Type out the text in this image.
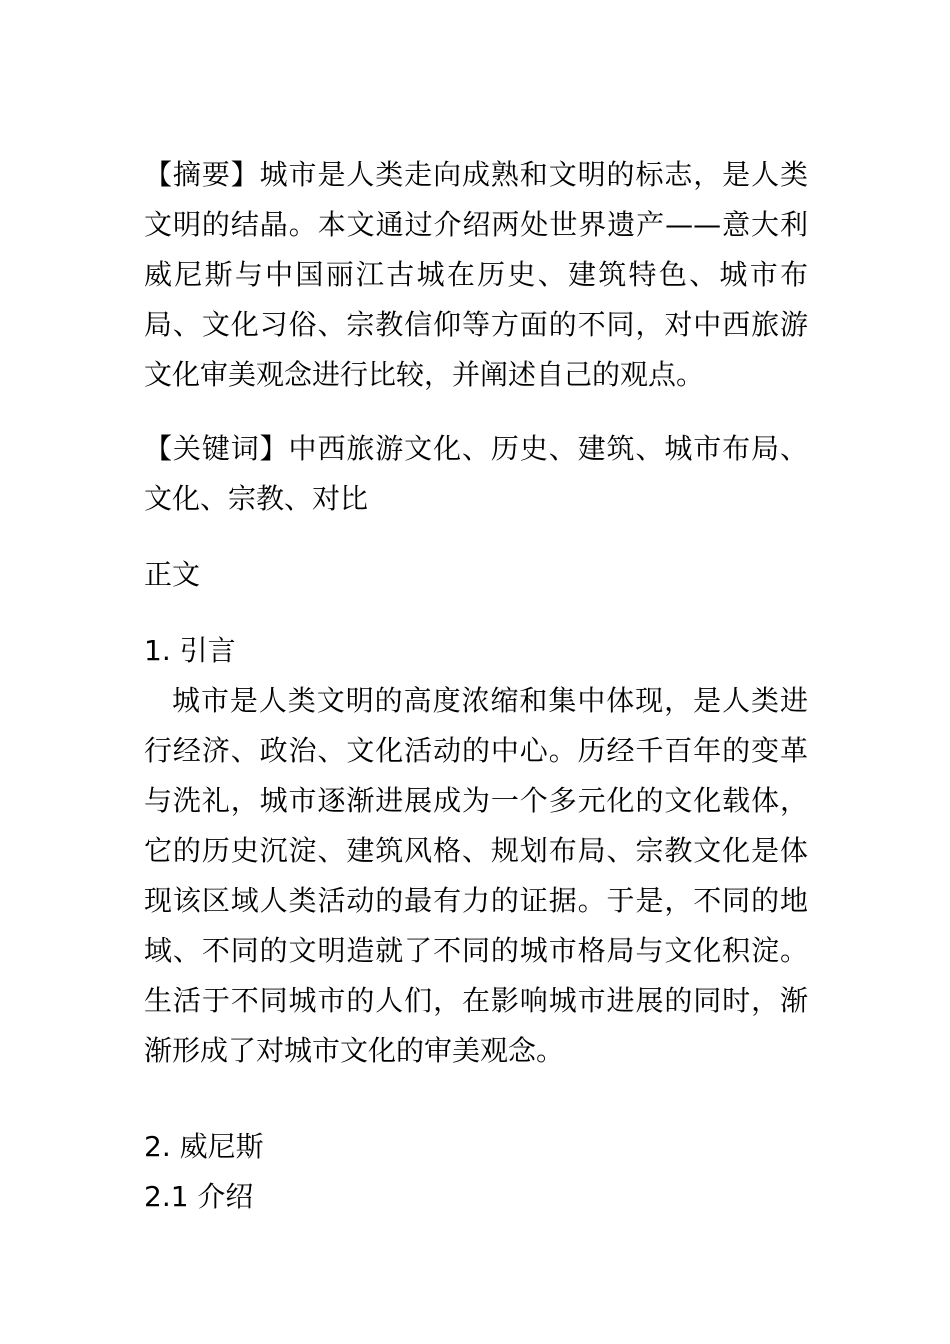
【摘要】城市是人类走向成熟和文明的标志，是人类文明的结晶。本文通过介绍两处世界遗产——意大利威尼斯与中国丽江古城在历史、建筑特色、城市布局、文化习俗、宗教信仰等方面的不同，对中西旅游文化审美观念进行比较，并阐述自己的观点。

【关键词】中西旅游文化、历史、建筑、城市布局、文化、宗教、对比

正文

1. 引言

城市是人类文明的高度浓缩和集中体现，是人类进行经济、政治、文化活动的中心。历经千百年的变革与洗礼，城市逐渐进展成为一个多元化的文化载体，它的历史沉淀、建筑风格、规划布局、宗教文化是体现该区域人类活动的最有力的证据。于是，不同的地域、不同的文明造就了不同的城市格局与文化积淀。生活于不同城市的人们，在影响城市进展的同时，渐渐形成了对城市文化的审美观念。

2. 威尼斯

2.1 介绍
